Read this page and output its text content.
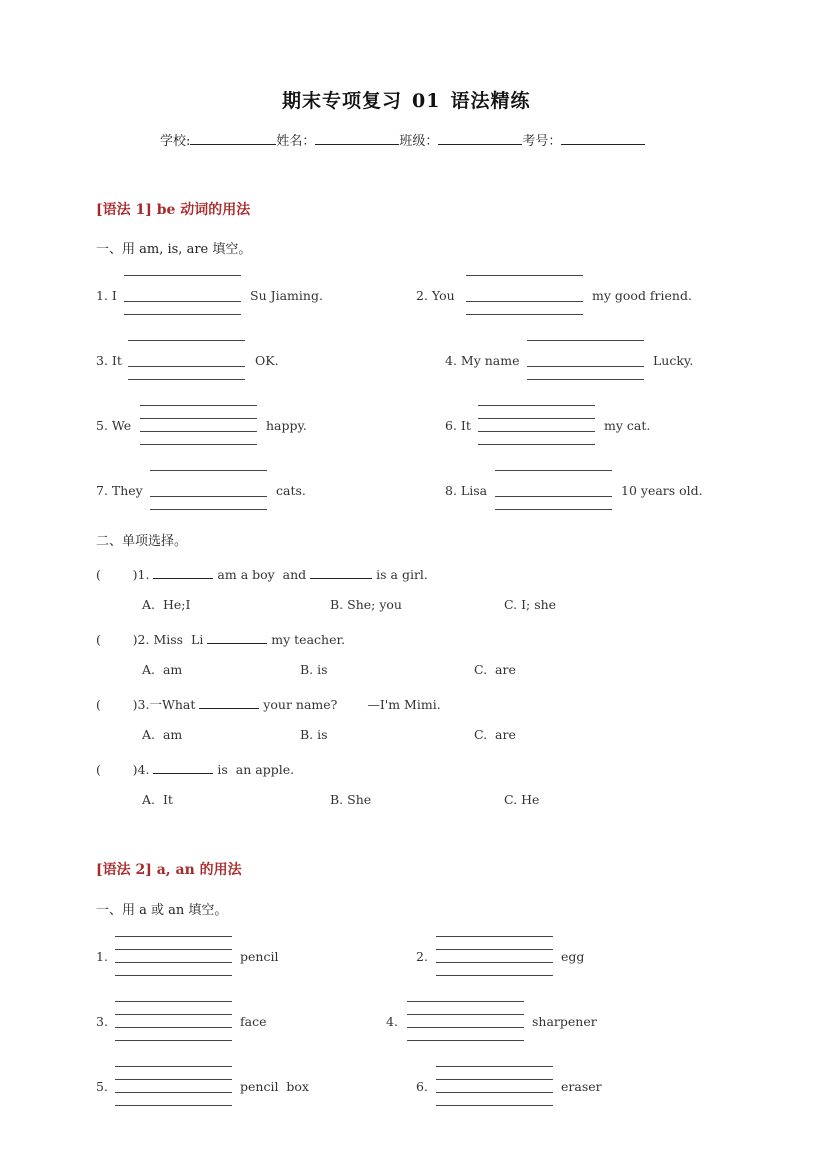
期末专项复习 01 语法精练
学校:	姓名：	班级：	考号：
[语法 1] be 动词的用法
一、用 am, is, are 填空。
1. I	Su Jiaming.	2. You	my good friend.
3. It	OK.	4. My name	Lucky.
5. We	happy.	6. It	my cat.
7. They	cats.	8. Lisa	10 years old.
二、单项选择。
(        )1.	am a boy  and	is a girl.
A.  He;I	B. She; you	C. I; she
(        )2. Miss  Li	my teacher.
A.  am	B. is	C.  are
(        )3.一What	your name? —I'm Mimi.
A.  am	B. is	C.  are
(        )4.	is  an apple.
A.  It	B. She	C. He
[语法 2] a, an 的用法
一、用 a 或 an 填空。
1.	pencil	2.	egg
3.	face	4.	sharpener
5.	pencil  box	6.	eraser
